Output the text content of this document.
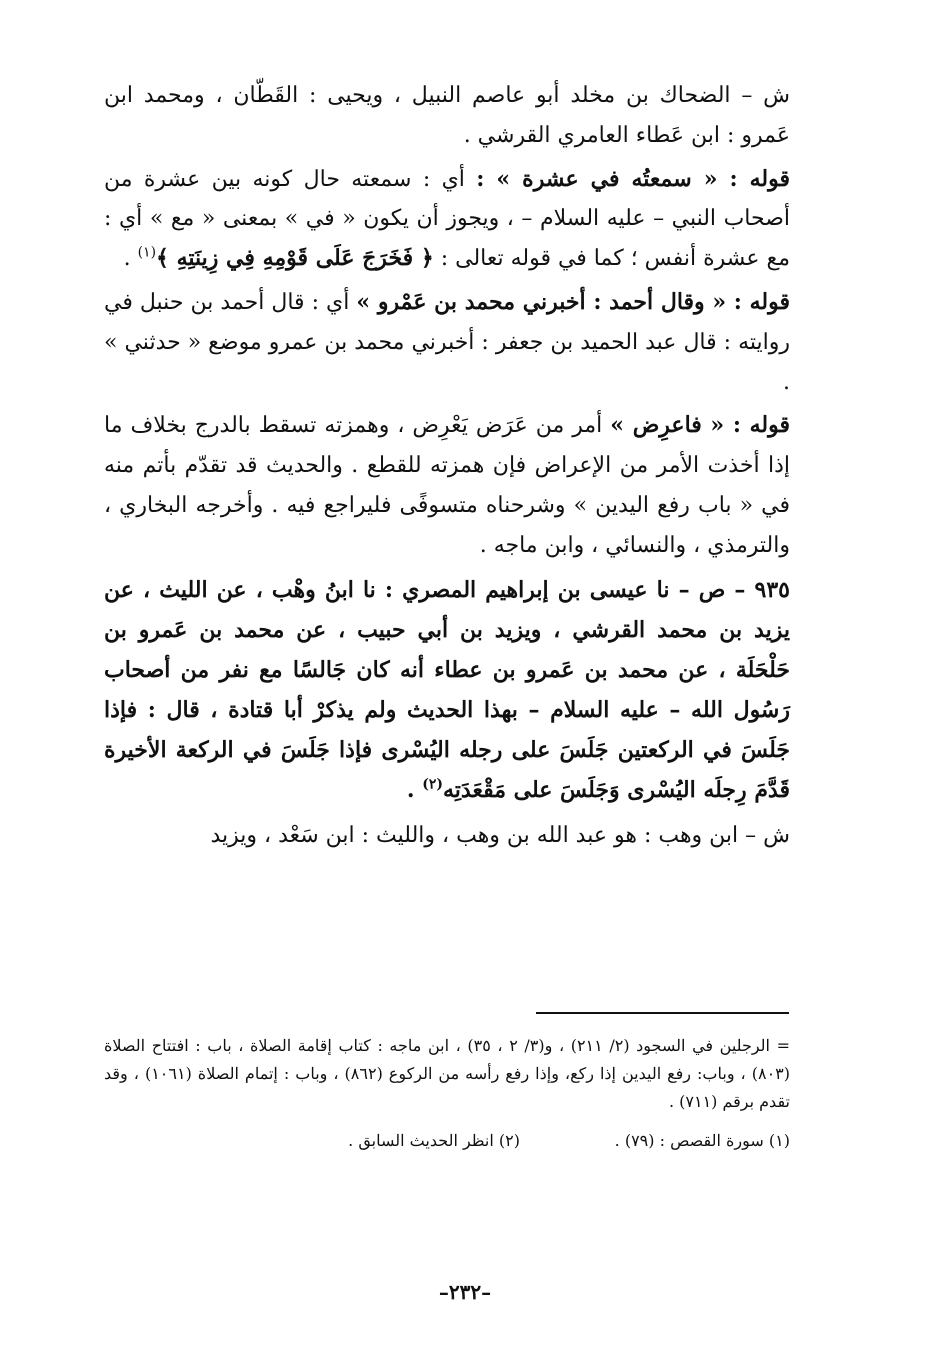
ش – الضحاك بن مخلد أبو عاصم النبيل ، ويحيى : القَطّان ، ومحمد ابن عَمرو : ابن عَطاء العامري القرشي .

قوله : « سمعتُه في عشرة » : أي : سمعته حال كونه بين عشرة من أصحاب النبي – عليه السلام – ، ويجوز أن يكون « في » بمعنى « مع » أي : مع عشرة أنفس ؛ كما في قوله تعالى : ﴿ فَخَرَجَ عَلَى قَوْمِهِ فِي زِينَتِهِ ﴾$^{(١)}$ .

قوله : « وقال أحمد : أخبرني محمد بن عَمْرو » أي : قال أحمد بن حنبل في روايته : قال عبد الحميد بن جعفر : أخبرني محمد بن عمرو موضع « حدثني » .

قوله : « فاعرِض » أمر من عَرَض يَعْرِض ، وهمزته تسقط بالدرج بخلاف ما إذا أخذت الأمر من الإعراض فإن همزته للقطع . والحديث قد تقدّم بأتم منه في « باب رفع اليدين » وشرحناه متسوفًى فليراجع فيه . وأخرجه البخاري ، والترمذي ، والنسائي ، وابن ماجه .

٩٣٥ – ص – نا عيسى بن إبراهيم المصري : نا ابنُ وهْب ، عن الليث ، عن يزيد بن محمد القرشي ، ويزيد بن أبي حبيب ، عن محمد بن عَمرو بن حَلْحَلَة ، عن محمد بن عَمرو بن عطاء أنه كان جَالسًا مع نفر من أصحاب رَسُول الله – عليه السلام – بهذا الحديث ولم يذكرْ أبا قتادة ، قال : فإذا جَلَسَ في الركعتين جَلَسَ على رجله اليُسْرى فإذا جَلَسَ في الركعة الأخيرة قَدَّمَ رِجلَه اليُسْرى وَجَلَسَ على مَقْعَدَتِه$^{(٢)}$ .

ش – ابن وهب : هو عبد الله بن وهب ، والليث : ابن سَعْد ، ويزيد

= الرجلين في السجود (٢/ ٢١١) ، و(٣/ ٢ ، ٣٥) ، ابن ماجه : كتاب إقامة الصلاة ، باب : افتتاح الصلاة (٨٠٣) ، وباب: رفع اليدين إذا ركع، وإذا رفع رأسه من الركوع (٨٦٢) ، وباب : إتمام الصلاة (١٠٦١) ، وقد تقدم برقم (٧١١) .

(١) سورة القصص : (٧٩) .
(٢) انظر الحديث السابق .
–٢٣٢–
